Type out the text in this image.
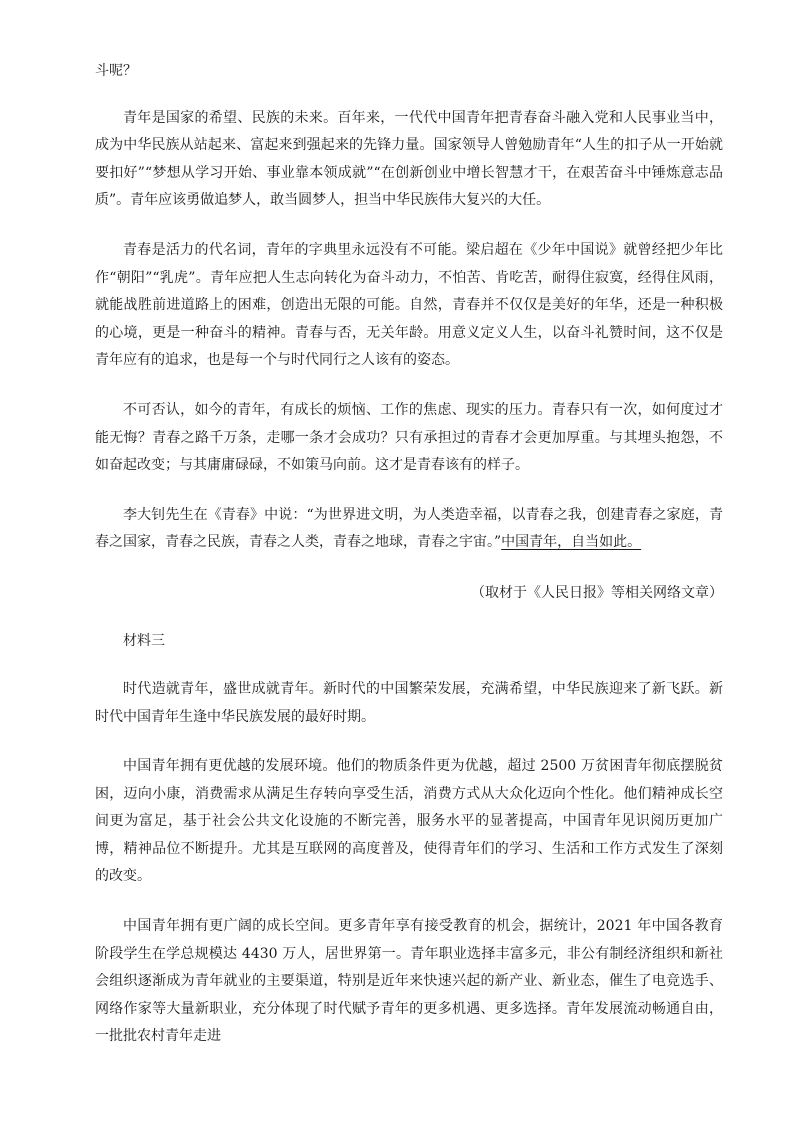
斗呢？

青年是国家的希望、民族的未来。百年来，一代代中国青年把青春奋斗融入党和人民事业当中，成为中华民族从站起来、富起来到强起来的先锋力量。国家领导人曾勉励青年“人生的扣子从一开始就要扣好”“梦想从学习开始、事业靠本领成就”“在创新创业中增长智慧才干，在艰苦奋斗中锤炼意志品质”。青年应该勇做追梦人，敢当圆梦人，担当中华民族伟大复兴的大任。

青春是活力的代名词，青年的字典里永远没有不可能。梁启超在《少年中国说》就曾经把少年比作“朝阳”“乳虎”。青年应把人生志向转化为奋斗动力，不怕苦、肯吃苦，耐得住寂寞，经得住风雨，就能战胜前进道路上的困难，创造出无限的可能。自然，青春并不仅仅是美好的年华，还是一种积极的心境，更是一种奋斗的精神。青春与否，无关年龄。用意义定义人生，以奋斗礼赞时间，这不仅是青年应有的追求，也是每一个与时代同行之人该有的姿态。

不可否认，如今的青年，有成长的烦恼、工作的焦虑、现实的压力。青春只有一次，如何度过才能无悔？青春之路千万条，走哪一条才会成功？只有承担过的青春才会更加厚重。与其埋头抱怨，不如奋起改变；与其庸庸碌碌，不如策马向前。这才是青春该有的样子。

李大钊先生在《青春》中说：“为世界进文明，为人类造幸福，以青春之我，创建青春之家庭，青春之国家，青春之民族，青春之人类，青春之地球，青春之宇宙。”中国青年，自当如此。

（取材于《人民日报》等相关网络文章）

材料三

时代造就青年，盛世成就青年。新时代的中国繁荣发展，充满希望，中华民族迎来了新飞跃。新时代中国青年生逢中华民族发展的最好时期。

中国青年拥有更优越的发展环境。他们的物质条件更为优越，超过 2500 万贫困青年彻底摆脱贫困，迈向小康，消费需求从满足生存转向享受生活，消费方式从大众化迈向个性化。他们精神成长空间更为富足，基于社会公共文化设施的不断完善，服务水平的显著提高，中国青年见识阅历更加广博，精神品位不断提升。尤其是互联网的高度普及，使得青年们的学习、生活和工作方式发生了深刻的改变。

中国青年拥有更广阔的成长空间。更多青年享有接受教育的机会，据统计，2021 年中国各教育阶段学生在学总规模达 4430 万人，居世界第一。青年职业选择丰富多元，非公有制经济组织和新社会组织逐渐成为青年就业的主要渠道，特别是近年来快速兴起的新产业、新业态，催生了电竞选手、网络作家等大量新职业，充分体现了时代赋予青年的更多机遇、更多选择。青年发展流动畅通自由，一批批农村青年走进
